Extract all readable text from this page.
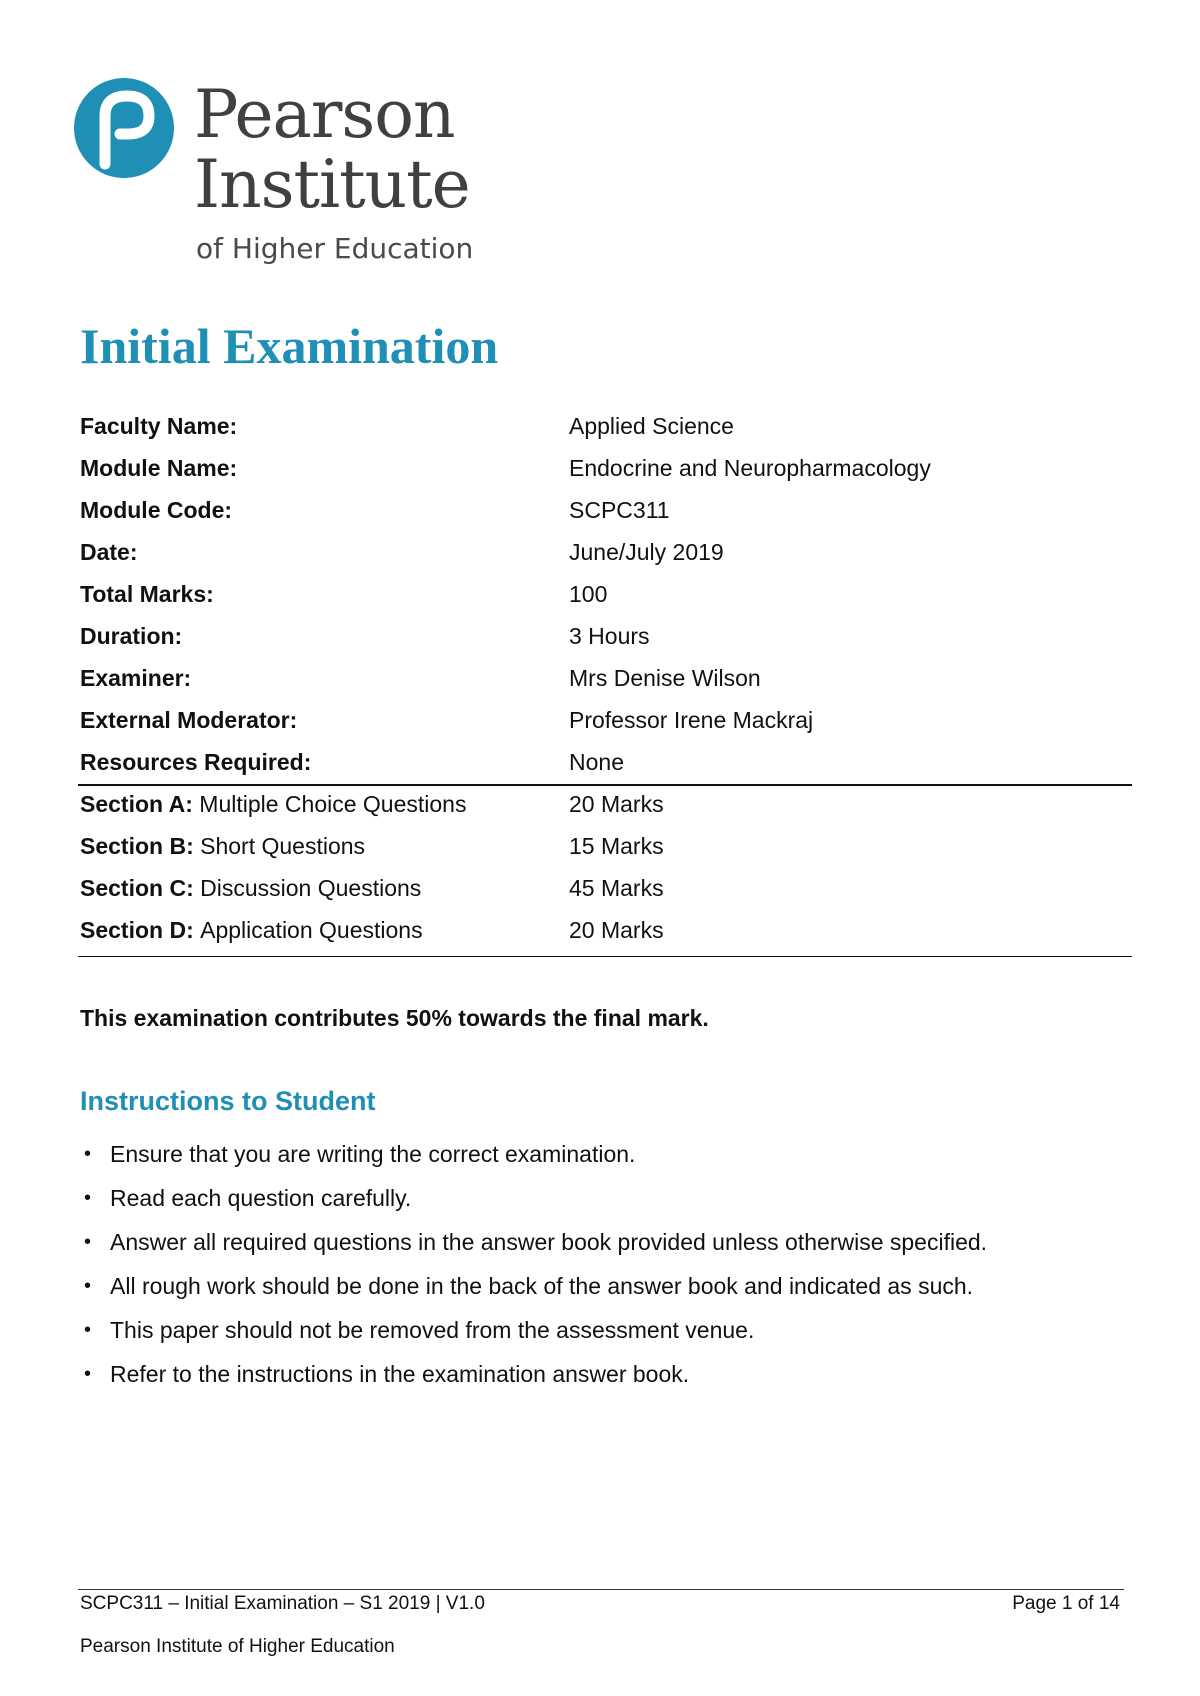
Pearson
Institute
of Higher Education
Initial Examination
Faculty Name:	Applied Science
Module Name:	Endocrine and Neuropharmacology
Module Code:	SCPC311
Date:	June/July 2019
Total Marks:	100
Duration:	3 Hours
Examiner:	Mrs Denise Wilson
External Moderator:	Professor Irene Mackraj
Resources Required:	None
Section A: Multiple Choice Questions	20 Marks
Section B: Short Questions	15 Marks
Section C: Discussion Questions	45 Marks
Section D: Application Questions	20 Marks

This examination contributes 50% towards the final mark.

Instructions to Student
• Ensure that you are writing the correct examination.
• Read each question carefully.
• Answer all required questions in the answer book provided unless otherwise specified.
• All rough work should be done in the back of the answer book and indicated as such.
• This paper should not be removed from the assessment venue.
• Refer to the instructions in the examination answer book.
SCPC311 – Initial Examination – S1 2019 | V1.0	Page 1 of 14
Pearson Institute of Higher Education
